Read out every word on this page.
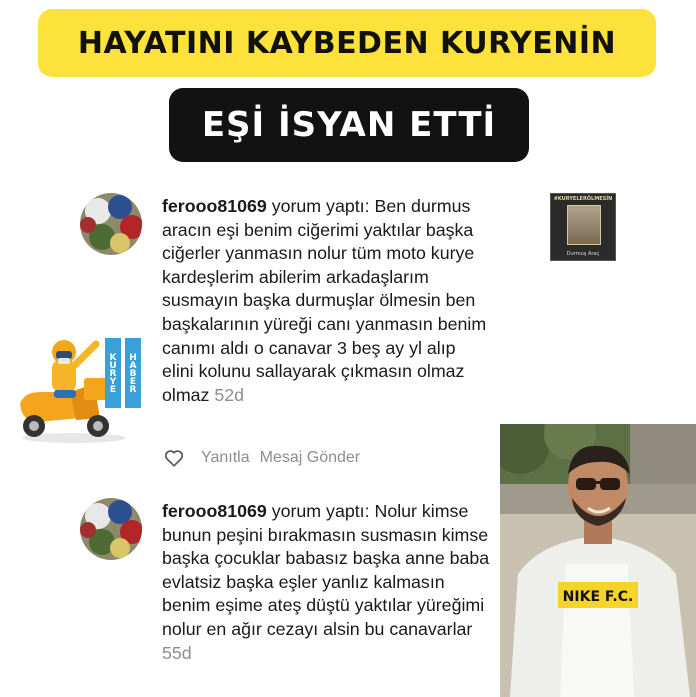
HAYATINI KAYBEDEN KURYENİN
EŞİ İSYAN ETTİ
ferooo81069 yorum yaptı: Ben durmus aracın eşi benim ciğerimi yaktılar başka ciğerler yanmasın nolur tüm moto kurye kardeşlerim abilerim arkadaşlarım susmayın başka durmuşlar ölmesin ben başkalarının yüreği canı yanmasın benim canımı aldı o canavar 3 beş ay yl alıp elini kolunu sallayarak çıkmasın olmaz olmaz 52d
#KURYELERÖLMESİN
Durmuş Araç
KURYE	HABER
Yanıtla Mesaj Gönder
ferooo81069 yorum yaptı: Nolur kimse bunun peşini bırakmasın susmasın kimse başka çocuklar babasız başka anne baba evlatsiz başka eşler yanlız kalmasın benim eşime ateş düştü yaktılar yüreğimi nolur en ağır cezayı alsin bu canavarlar 55d
NIKE F.C.
